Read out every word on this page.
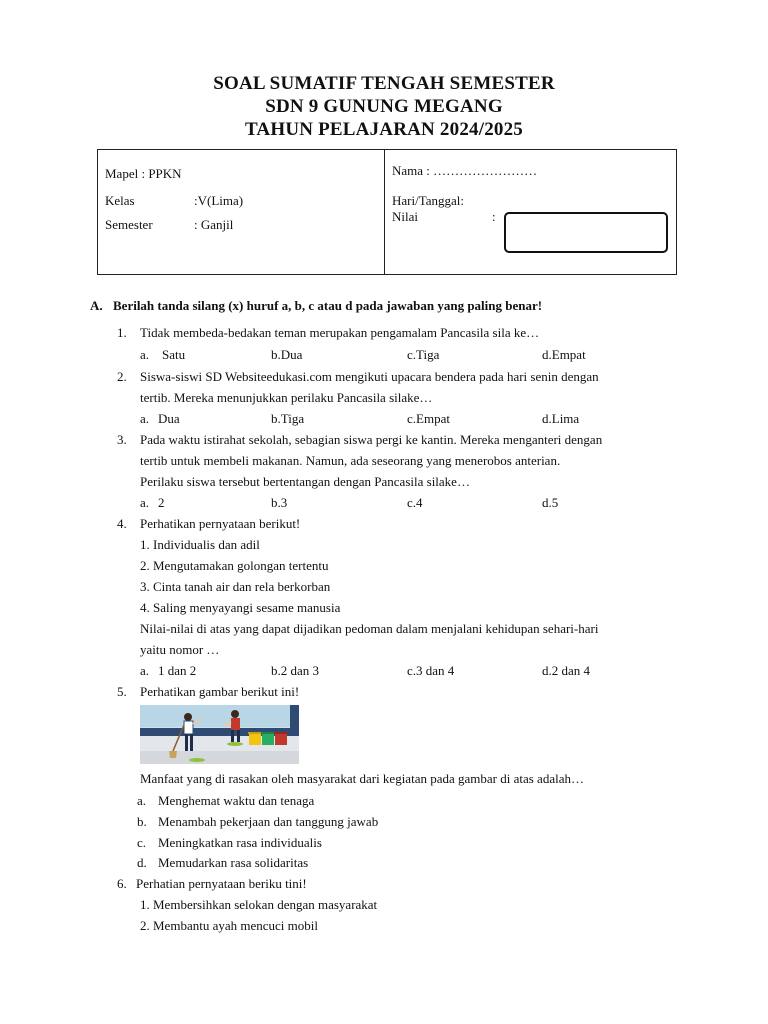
SOAL SUMATIF TENGAH SEMESTER
SDN 9 GUNUNG MEGANG
TAHUN PELAJARAN 2024/2025
Mapel : PPKN
Kelas	:V(Lima)
Semester	: Ganjil
Nama : ……………………
Hari/Tanggal:
Nilai	:
A. Berilah tanda silang (x) huruf a, b, c atau d pada jawaban yang paling benar!
1. Tidak membeda-bedakan teman merupakan pengamalam Pancasila sila ke…
a. Satu	b.Dua	c.Tiga	d.Empat
2. Siswa-siswi SD Websiteedukasi.com mengikuti upacara bendera pada hari senin dengan
tertib. Mereka menunjukkan perilaku Pancasila silake…
a. Dua	b.Tiga	c.Empat	d.Lima
3. Pada waktu istirahat sekolah, sebagian siswa pergi ke kantin. Mereka menganteri dengan
tertib untuk membeli makanan. Namun, ada seseorang yang menerobos anterian.
Perilaku siswa tersebut bertentangan dengan Pancasila silake…
a. 2	b.3	c.4	d.5
4. Perhatikan pernyataan berikut!
1. Individualis dan adil
2. Mengutamakan golongan tertentu
3. Cinta tanah air dan rela berkorban
4. Saling menyayangi sesame manusia
Nilai-nilai di atas yang dapat dijadikan pedoman dalam menjalani kehidupan sehari-hari
yaitu nomor …
a. 1 dan 2	b.2 dan 3	c.3 dan 4	d.2 dan 4
5. Perhatikan gambar berikut ini!
Manfaat yang di rasakan oleh masyarakat dari kegiatan pada gambar di atas adalah…
a. Menghemat waktu dan tenaga
b. Menambah pekerjaan dan tanggung jawab
c. Meningkatkan rasa individualis
d. Memudarkan rasa solidaritas
6. Perhatian pernyataan beriku tini!
1. Membersihkan selokan dengan masyarakat
2. Membantu ayah mencuci mobil
